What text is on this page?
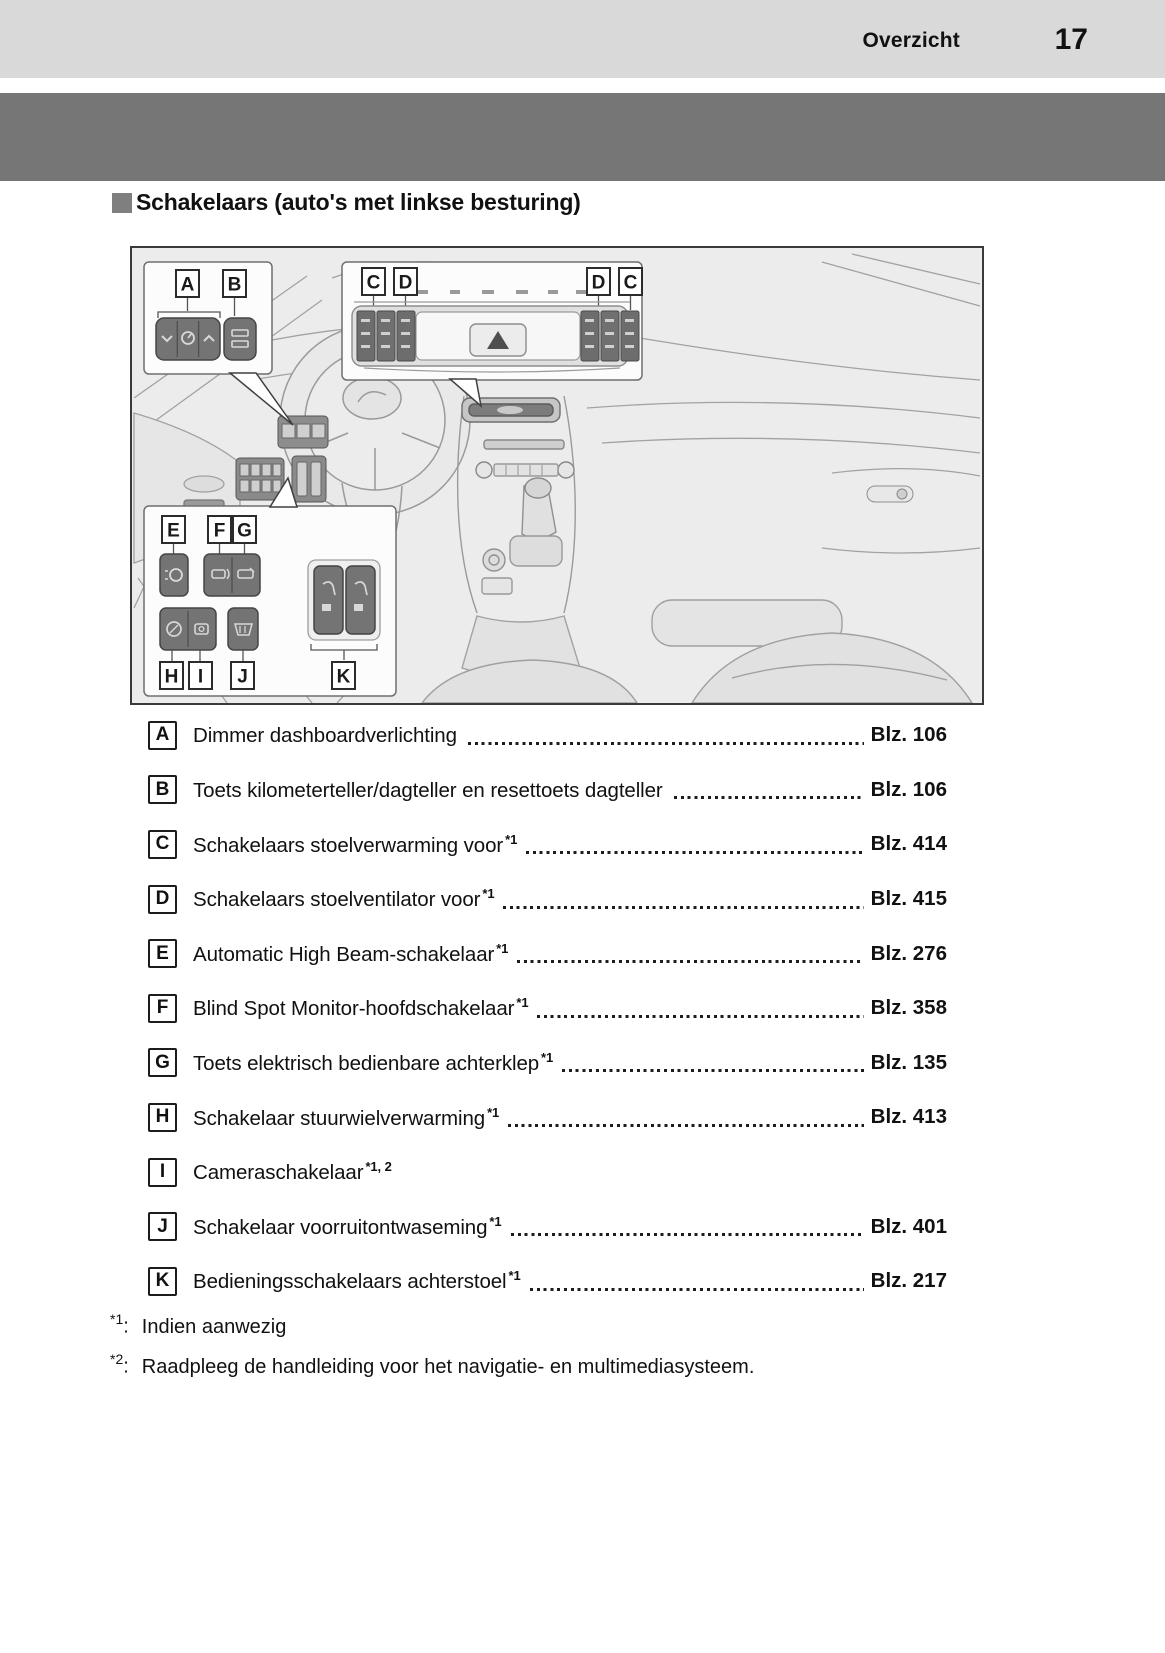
Overzicht	17
Schakelaars (auto's met linkse besturing)
A B	C D	D C
E F G
H I J	K
A	Dimmer dashboardverlichting	Blz. 106
B	Toets kilometerteller/dagteller en resettoets dagteller	Blz. 106
C	Schakelaars stoelverwarming voor $^{*1}$	Blz. 414
D	Schakelaars stoelventilator voor $^{*1}$	Blz. 415
E	Automatic High Beam-schakelaar $^{*1}$	Blz. 276
F	Blind Spot Monitor-hoofdschakelaar $^{*1}$	Blz. 358
G	Toets elektrisch bedienbare achterklep $^{*1}$	Blz. 135
H	Schakelaar stuurwielverwarming $^{*1}$	Blz. 413
I	Cameraschakelaar $^{*1, 2}$
J	Schakelaar voorruitontwaseming $^{*1}$	Blz. 401
K	Bedieningsschakelaars achterstoel $^{*1}$	Blz. 217
$^{*1}$: Indien aanwezig
$^{*2}$: Raadpleeg de handleiding voor het navigatie- en multimediasysteem.
